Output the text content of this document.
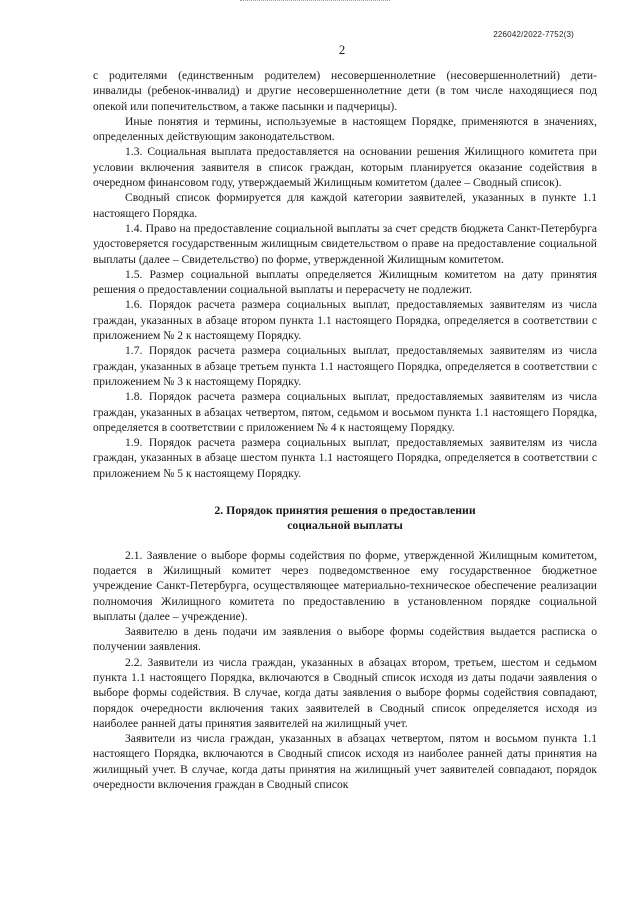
226042/2022-7752(3)
2

с родителями (единственным родителем) несовершеннолетние (несовершеннолетний) дети-инвалиды (ребенок-инвалид) и другие несовершеннолетние дети (в том числе находящиеся под опекой или попечительством, а также пасынки и падчерицы).

Иные понятия и термины, используемые в настоящем Порядке, применяются в значениях, определенных действующим законодательством.

1.3. Социальная выплата предоставляется на основании решения Жилищного комитета при условии включения заявителя в список граждан, которым планируется оказание содействия в очередном финансовом году, утверждаемый Жилищным комитетом (далее – Сводный список).

Сводный список формируется для каждой категории заявителей, указанных в пункте 1.1 настоящего Порядка.

1.4. Право на предоставление социальной выплаты за счет средств бюджета Санкт-Петербурга удостоверяется государственным жилищным свидетельством о праве на предоставление социальной выплаты (далее – Свидетельство) по форме, утвержденной Жилищным комитетом.

1.5. Размер социальной выплаты определяется Жилищным комитетом на дату принятия решения о предоставлении социальной выплаты и перерасчету не подлежит.

1.6. Порядок расчета размера социальных выплат, предоставляемых заявителям из числа граждан, указанных в абзаце втором пункта 1.1 настоящего Порядка, определяется в соответствии с приложением № 2 к настоящему Порядку.

1.7. Порядок расчета размера социальных выплат, предоставляемых заявителям из числа граждан, указанных в абзаце третьем пункта 1.1 настоящего Порядка, определяется в соответствии с приложением № 3 к настоящему Порядку.

1.8. Порядок расчета размера социальных выплат, предоставляемых заявителям из числа граждан, указанных в абзацах четвертом, пятом, седьмом и восьмом пункта 1.1 настоящего Порядка, определяется в соответствии с приложением № 4 к настоящему Порядку.

1.9. Порядок расчета размера социальных выплат, предоставляемых заявителям из числа граждан, указанных в абзаце шестом пункта 1.1 настоящего Порядка, определяется в соответствии с приложением № 5 к настоящему Порядку.

2. Порядок принятия решения о предоставлении
социальной выплаты

2.1. Заявление о выборе формы содействия по форме, утвержденной Жилищным комитетом, подается в Жилищный комитет через подведомственное ему государственное бюджетное учреждение Санкт-Петербурга, осуществляющее материально-техническое обеспечение реализации полномочия Жилищного комитета по предоставлению в установленном порядке социальной выплаты (далее – учреждение).

Заявителю в день подачи им заявления о выборе формы содействия выдается расписка о получении заявления.

2.2. Заявители из числа граждан, указанных в абзацах втором, третьем, шестом и седьмом пункта 1.1 настоящего Порядка, включаются в Сводный список исходя из даты подачи заявления о выборе формы содействия. В случае, когда даты заявления о выборе формы содействия совпадают, порядок очередности включения таких заявителей в Сводный список определяется исходя из наиболее ранней даты принятия заявителей на жилищный учет.

Заявители из числа граждан, указанных в абзацах четвертом, пятом и восьмом пункта 1.1 настоящего Порядка, включаются в Сводный список исходя из наиболее ранней даты принятия на жилищный учет. В случае, когда даты принятия на жилищный учет заявителей совпадают, порядок очередности включения граждан в Сводный список
